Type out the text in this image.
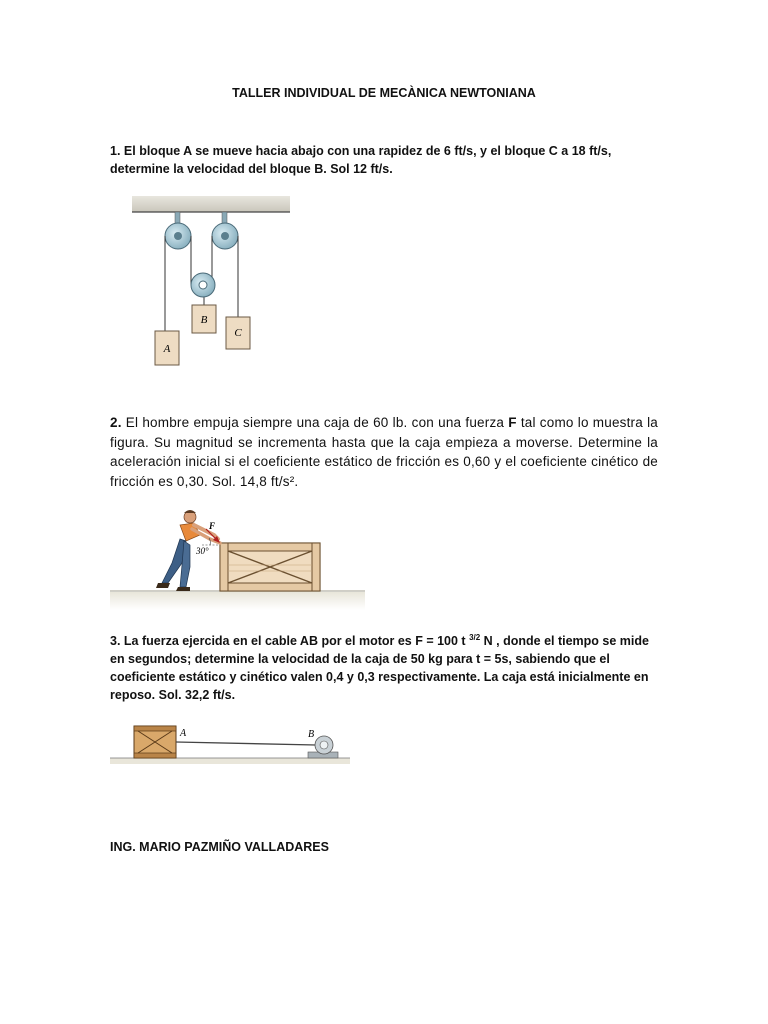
TALLER INDIVIDUAL DE MECÀNICA NEWTONIANA
1. El bloque A se mueve hacia abajo con una rapidez de 6 ft/s, y el bloque C a 18 ft/s,
determine la velocidad del bloque B. Sol 12 ft/s.
A
B
C
2. El hombre empuja siempre una caja de 60 lb. con una fuerza F tal como lo muestra la figura. Su magnitud se incrementa hasta que la caja empieza a moverse. Determine la aceleración inicial si el coeficiente estático de fricción es 0,60 y el coeficiente cinético de fricción es 0,30. Sol. 14,8 ft/s².
F
30°
3. La fuerza ejercida en el cable AB por el motor es F = 100 t $^{3/2}$ N , donde el tiempo se mide en segundos; determine la velocidad de la caja de 50 kg para t = 5s, sabiendo que el coeficiente estático y cinético valen 0,4 y 0,3 respectivamente. La caja está inicialmente en reposo. Sol. 32,2 ft/s.
A	B
ING. MARIO PAZMIÑO VALLADARES
